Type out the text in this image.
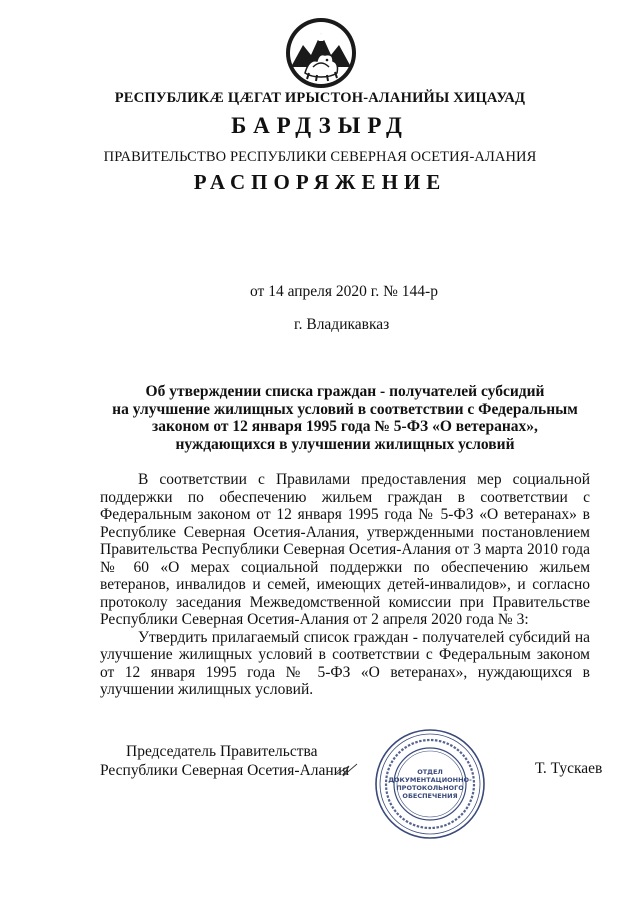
РЕСПУБЛИКӔ ЦӔГАТ ИРЫСТОН-АЛАНИЙЫ ХИЦАУАД
БАРДЗЫРД
ПРАВИТЕЛЬСТВО РЕСПУБЛИКИ СЕВЕРНАЯ ОСЕТИЯ-АЛАНИЯ
РАСПОРЯЖЕНИЕ
от 14 апреля 2020 г. № 144-р
г. Владикавказ
Об утверждении списка граждан - получателей субсидий
на улучшение жилищных условий в соответствии с Федеральным
законом от 12 января 1995 года № 5-ФЗ «О ветеранах»,
нуждающихся в улучшении жилищных условий

В соответствии с Правилами предоставления мер социальной поддержки по обеспечению жильем граждан в соответствии с Федеральным законом от 12 января 1995 года № 5-ФЗ «О ветеранах» в Республике Северная Осетия-Алания, утвержденными постановлением Правительства Республики Северная Осетия-Алания от 3 марта 2010 года № 60 «О мерах социальной поддержки по обеспечению жильем ветеранов, инвалидов и семей, имеющих детей-инвалидов», и согласно протоколу заседания Межведомственной комиссии при Правительстве Республики Северная Осетия-Алания от 2 апреля 2020 года № 3:

Утвердить прилагаемый список граждан - получателей субсидий на улучшение жилищных условий в соответствии с Федеральным законом от 12 января 1995 года № 5-ФЗ «О ветеранах», нуждающихся в улучшении жилищных условий.

Председатель Правительства
Республики Северная Осетия-Алания	ОТДЕЛ
ДОКУМЕНТАЦИОННО-
ПРОТОКОЛЬНОГО
ОБЕСПЕЧЕНИЯ
Т. Тускаев
